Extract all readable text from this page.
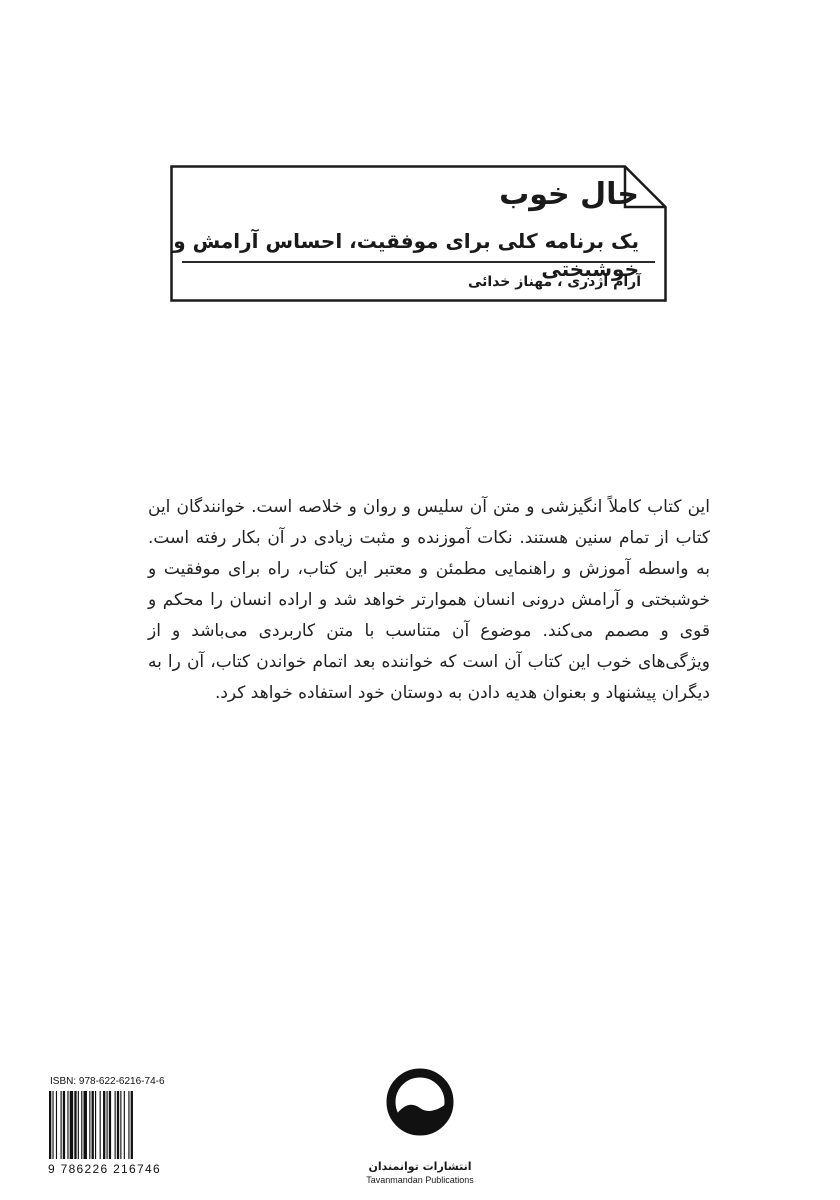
حال خوب
یک برنامه کلی برای موفقیت، احساس آرامش و خوشبختی
آرام اژدری ، مهناز خدائی

این کتاب کاملاً انگیزشی و متن آن سلیس و روان و خلاصه است. خوانندگان این کتاب از تمام سنین هستند. نکات آموزنده و مثبت زیادی در آن بکار رفته است. به واسطه آموزش و راهنمایی مطمئن و معتبر این کتاب، راه برای موفقیت و خوشبختی و آرامش درونی انسان هموارتر خواهد شد و اراده انسان را محکم و قوی و مصمم می‌کند. موضوع آن متناسب با متن کاربردی می‌باشد و از ویژگی‌های خوب این کتاب آن است که خواننده بعد اتمام خواندن کتاب، آن را به دیگران پیشنهاد و بعنوان هدیه دادن به دوستان خود استفاده خواهد کرد.

ISBN: 978-622-6216-74-6
9 786226 216746	انتشارات توانمندان
Tavanmandan Publications
